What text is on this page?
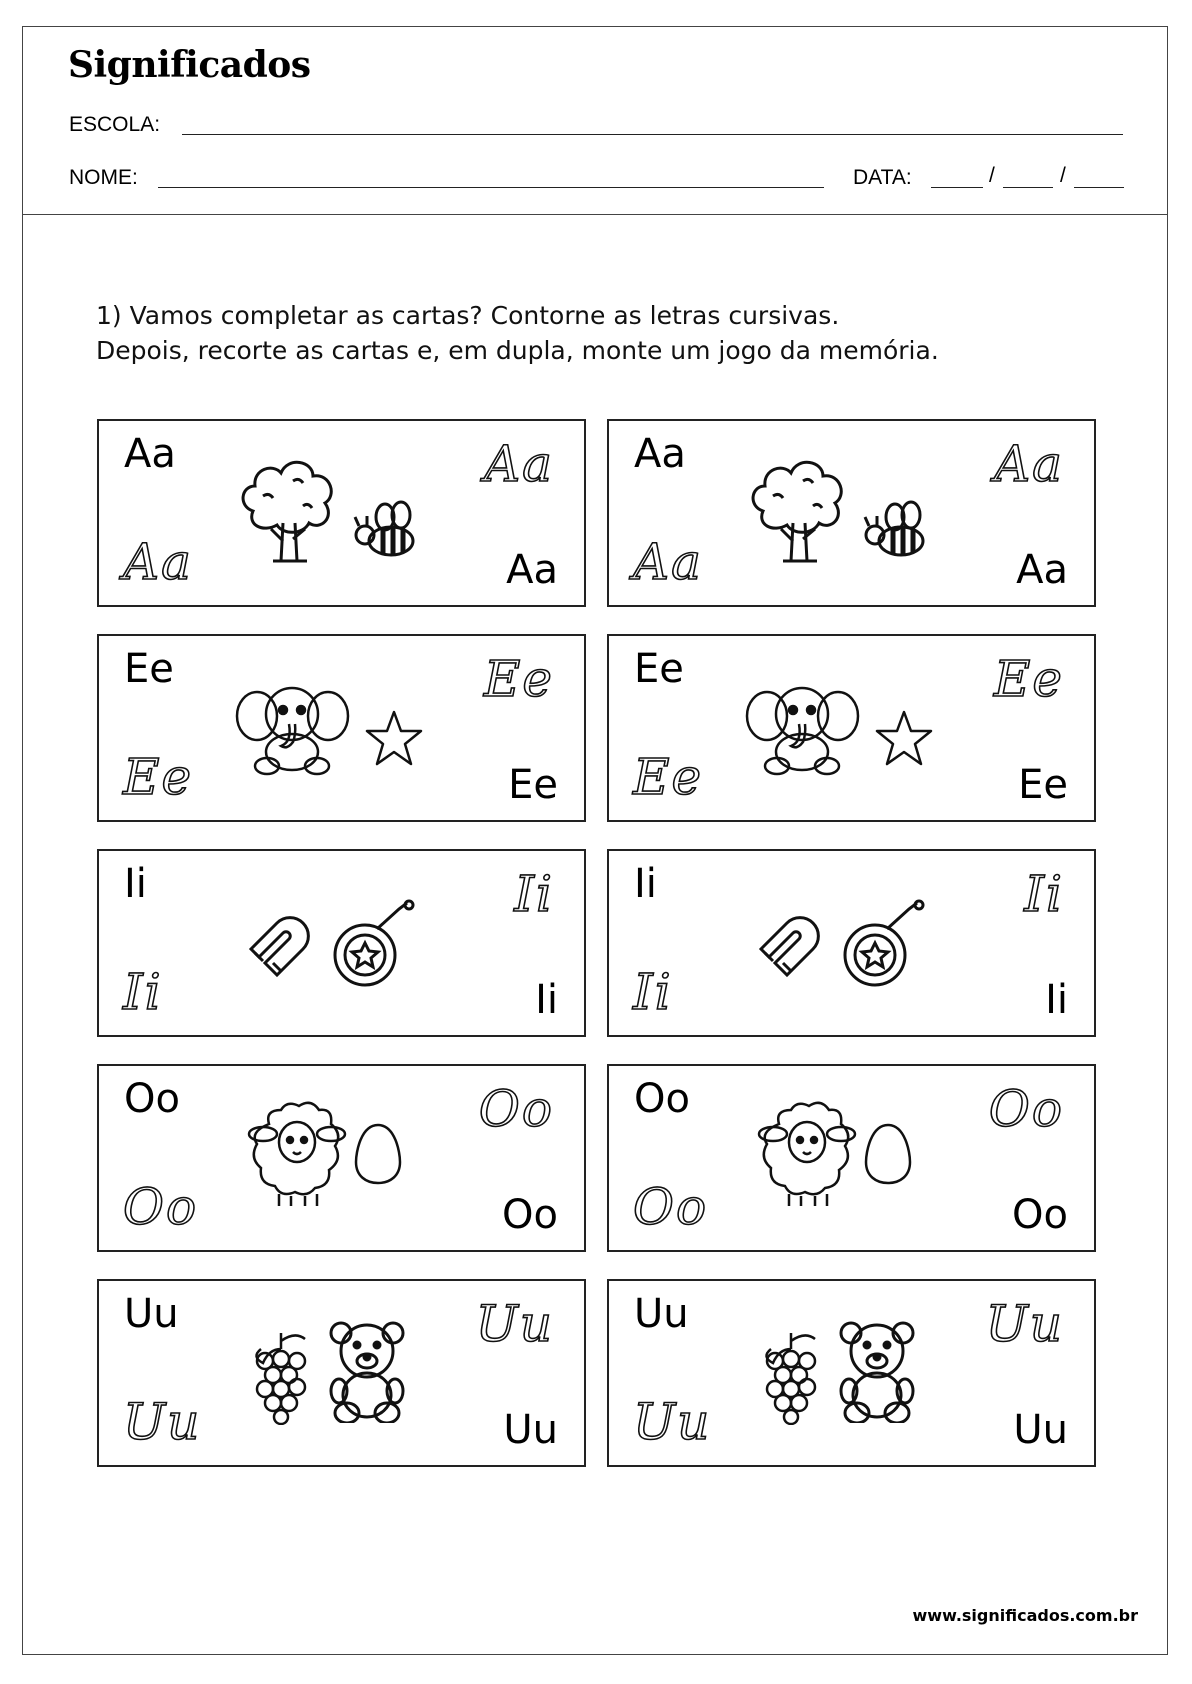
Significados
ESCOLA:
NOME:	DATA:	/	/
1) Vamos completar as cartas? Contorne as letras cursivas.
Depois, recorte as cartas e, em dupla, monte um jogo da memória.
Aa
Aa
Aa
Aa
Aa
Aa
Aa
Aa
Ee
Ee
Ee
Ee
Ee
Ee
Ee
Ee
Ii
Ii
Ii
Ii
Ii
Ii
Ii
Ii
Oo
Oo
Oo
Oo
Oo
Oo
Oo
Oo
Uu
Uu
Uu
Uu
Uu
Uu
Uu
Uu
www.significados.com.br
